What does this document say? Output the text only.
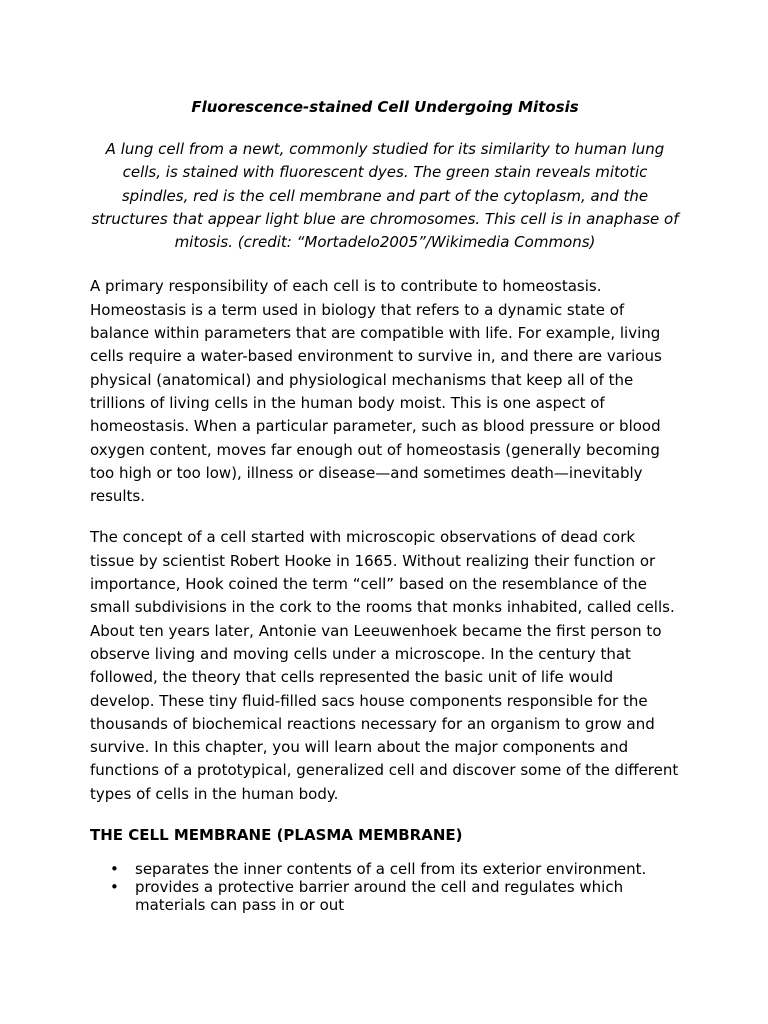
Fluorescence-stained Cell Undergoing Mitosis
A lung cell from a newt, commonly studied for its similarity to human lung cells, is stained with fluorescent dyes. The green stain reveals mitotic spindles, red is the cell membrane and part of the cytoplasm, and the structures that appear light blue are chromosomes. This cell is in anaphase of mitosis. (credit: “Mortadelo2005”/Wikimedia Commons)

A primary responsibility of each cell is to contribute to homeostasis. Homeostasis is a term used in biology that refers to a dynamic state of balance within parameters that are compatible with life. For example, living cells require a water-based environment to survive in, and there are various physical (anatomical) and physiological mechanisms that keep all of the trillions of living cells in the human body moist. This is one aspect of homeostasis. When a particular parameter, such as blood pressure or blood oxygen content, moves far enough out of homeostasis (generally becoming too high or too low), illness or disease—and sometimes death—inevitably results.

The concept of a cell started with microscopic observations of dead cork tissue by scientist Robert Hooke in 1665. Without realizing their function or importance, Hook coined the term “cell” based on the resemblance of the small subdivisions in the cork to the rooms that monks inhabited, called cells. About ten years later, Antonie van Leeuwenhoek became the first person to observe living and moving cells under a microscope. In the century that followed, the theory that cells represented the basic unit of life would develop. These tiny fluid-filled sacs house components responsible for the thousands of biochemical reactions necessary for an organism to grow and survive. In this chapter, you will learn about the major components and functions of a prototypical, generalized cell and discover some of the different types of cells in the human body.

THE CELL MEMBRANE (PLASMA MEMBRANE)
• separates the inner contents of a cell from its exterior environment.
• provides a protective barrier around the cell and regulates which materials can pass in or out
